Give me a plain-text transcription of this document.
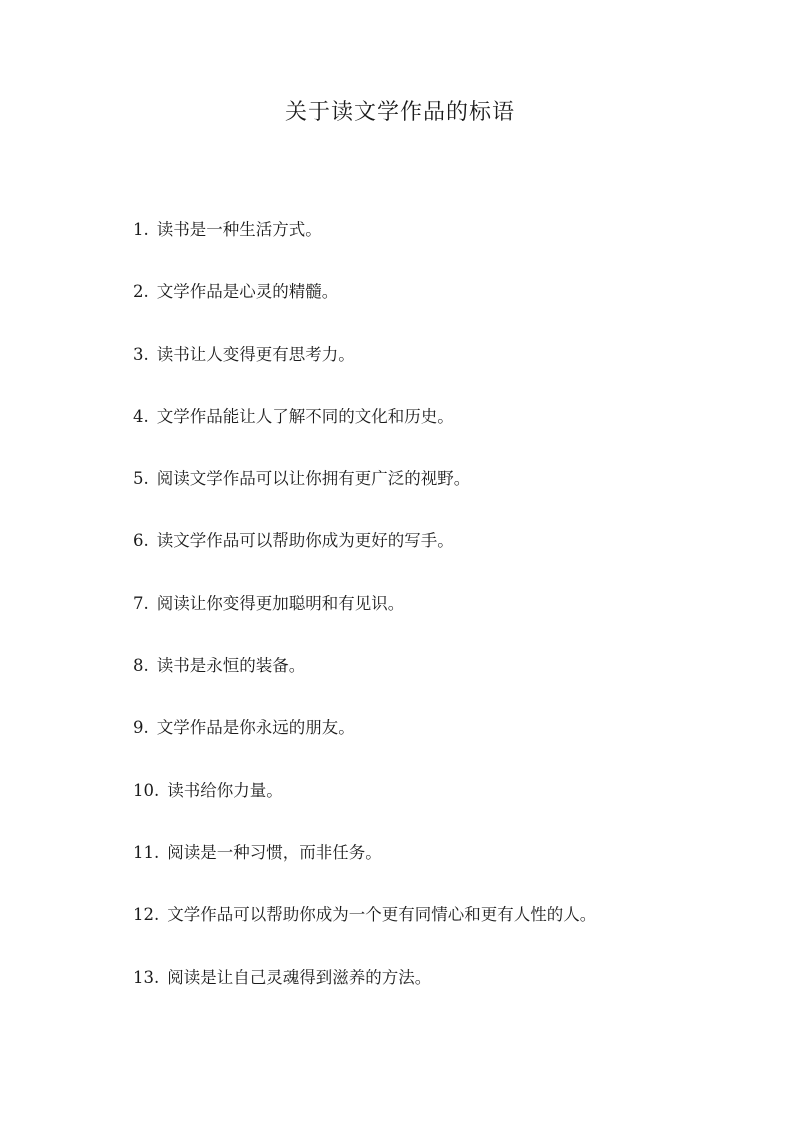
关于读文学作品的标语
1. 读书是一种生活方式。
2. 文学作品是心灵的精髓。
3. 读书让人变得更有思考力。
4. 文学作品能让人了解不同的文化和历史。
5. 阅读文学作品可以让你拥有更广泛的视野。
6. 读文学作品可以帮助你成为更好的写手。
7. 阅读让你变得更加聪明和有见识。
8. 读书是永恒的装备。
9. 文学作品是你永远的朋友。
10. 读书给你力量。
11. 阅读是一种习惯，而非任务。
12. 文学作品可以帮助你成为一个更有同情心和更有人性的人。
13. 阅读是让自己灵魂得到滋养的方法。
